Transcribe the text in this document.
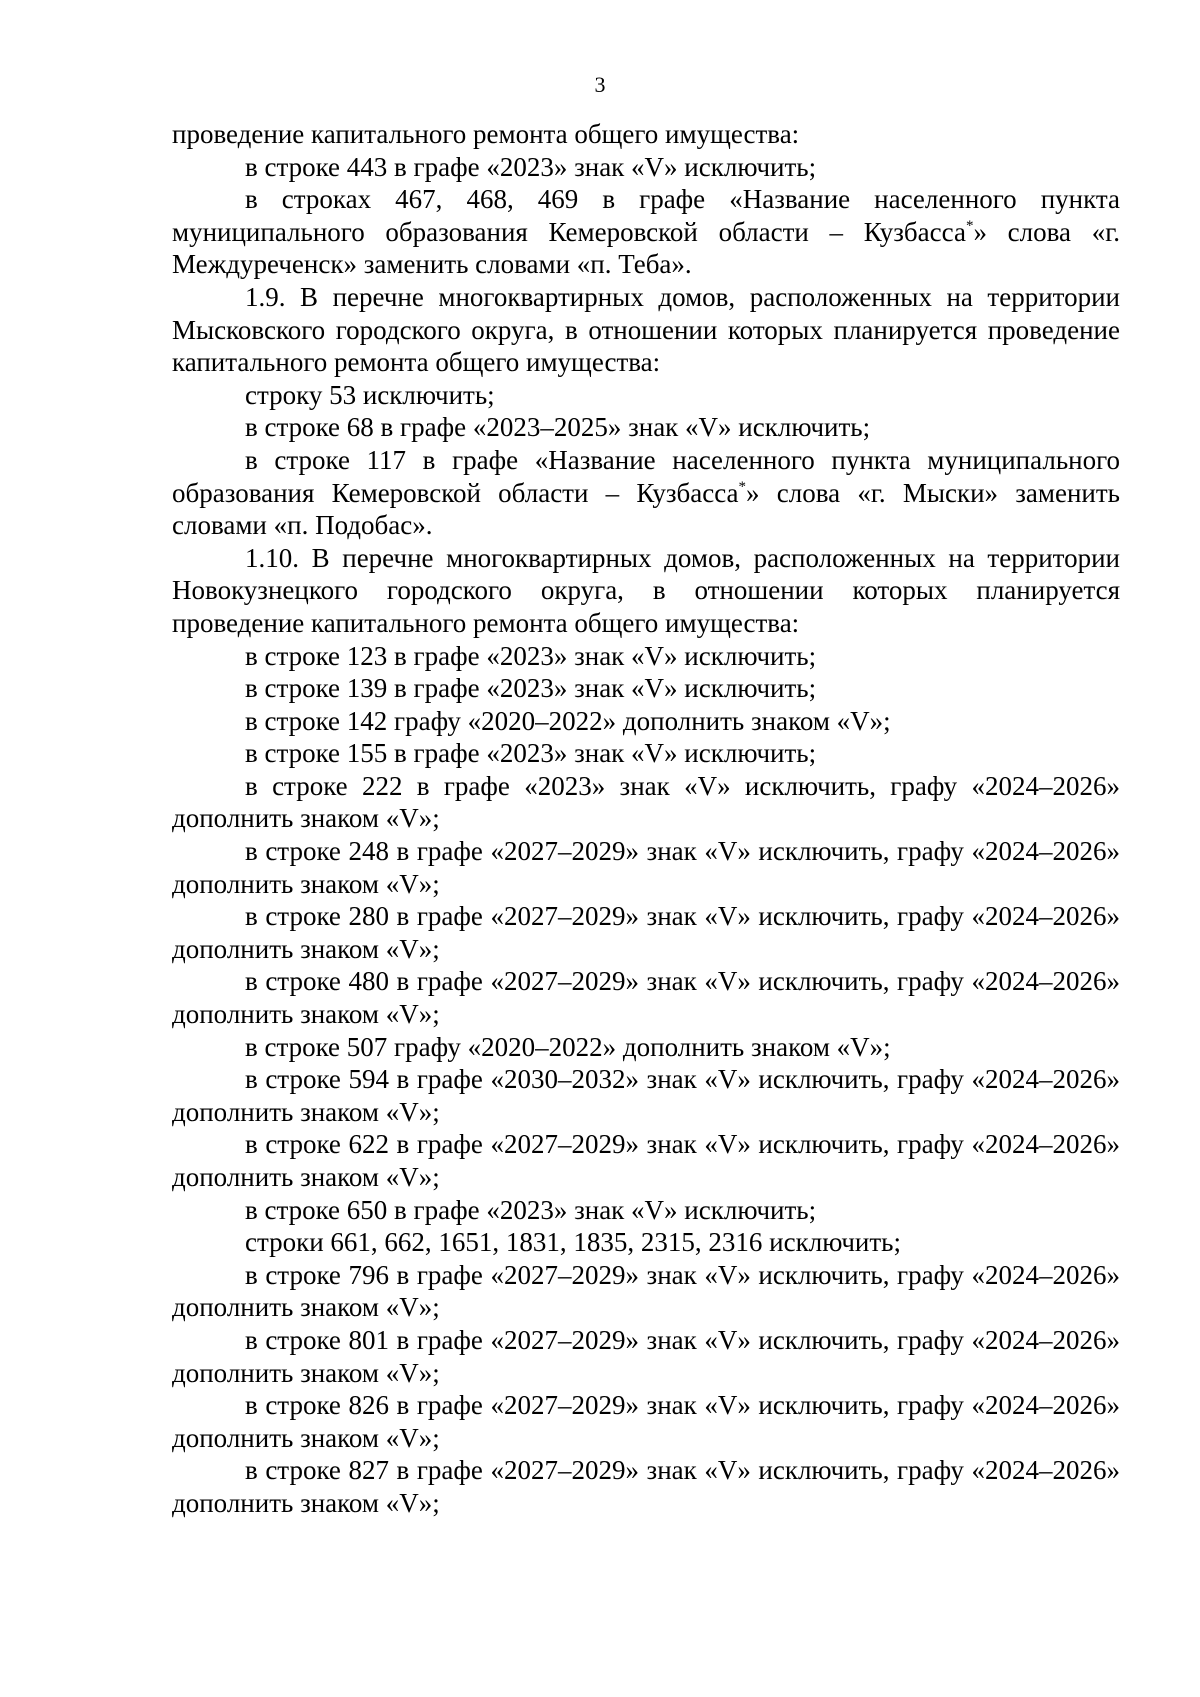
3

проведение капитального ремонта общего имущества:

в строке 443 в графе «2023» знак «V» исключить;

в строках 467, 468, 469 в графе «Название населенного пункта муниципального образования Кемеровской области – Кузбасса*» слова «г. Междуреченск» заменить словами «п. Теба».

1.9. В перечне многоквартирных домов, расположенных на территории Мысковского городского округа, в отношении которых планируется проведение капитального ремонта общего имущества:

строку 53 исключить;

в строке 68 в графе «2023–2025» знак «V» исключить;

в строке 117 в графе «Название населенного пункта муниципального образования Кемеровской области – Кузбасса*» слова «г. Мыски» заменить словами «п. Подобас».

1.10. В перечне многоквартирных домов, расположенных на территории Новокузнецкого городского округа, в отношении которых планируется проведение капитального ремонта общего имущества:

в строке 123 в графе «2023» знак «V» исключить;

в строке 139 в графе «2023» знак «V» исключить;

в строке 142 графу «2020–2022» дополнить знаком «V»;

в строке 155 в графе «2023» знак «V» исключить;

в строке 222 в графе «2023» знак «V» исключить, графу «2024–2026» дополнить знаком «V»;

в строке 248 в графе «2027–2029» знак «V» исключить, графу «2024–2026» дополнить знаком «V»;

в строке 280 в графе «2027–2029» знак «V» исключить, графу «2024–2026» дополнить знаком «V»;

в строке 480 в графе «2027–2029» знак «V» исключить, графу «2024–2026» дополнить знаком «V»;

в строке 507 графу «2020–2022» дополнить знаком «V»;

в строке 594 в графе «2030–2032» знак «V» исключить, графу «2024–2026» дополнить знаком «V»;

в строке 622 в графе «2027–2029» знак «V» исключить, графу «2024–2026» дополнить знаком «V»;

в строке 650 в графе «2023» знак «V» исключить;

строки 661, 662, 1651, 1831, 1835, 2315, 2316 исключить;

в строке 796 в графе «2027–2029» знак «V» исключить, графу «2024–2026» дополнить знаком «V»;

в строке 801 в графе «2027–2029» знак «V» исключить, графу «2024–2026» дополнить знаком «V»;

в строке 826 в графе «2027–2029» знак «V» исключить, графу «2024–2026» дополнить знаком «V»;

в строке 827 в графе «2027–2029» знак «V» исключить, графу «2024–2026» дополнить знаком «V»;
